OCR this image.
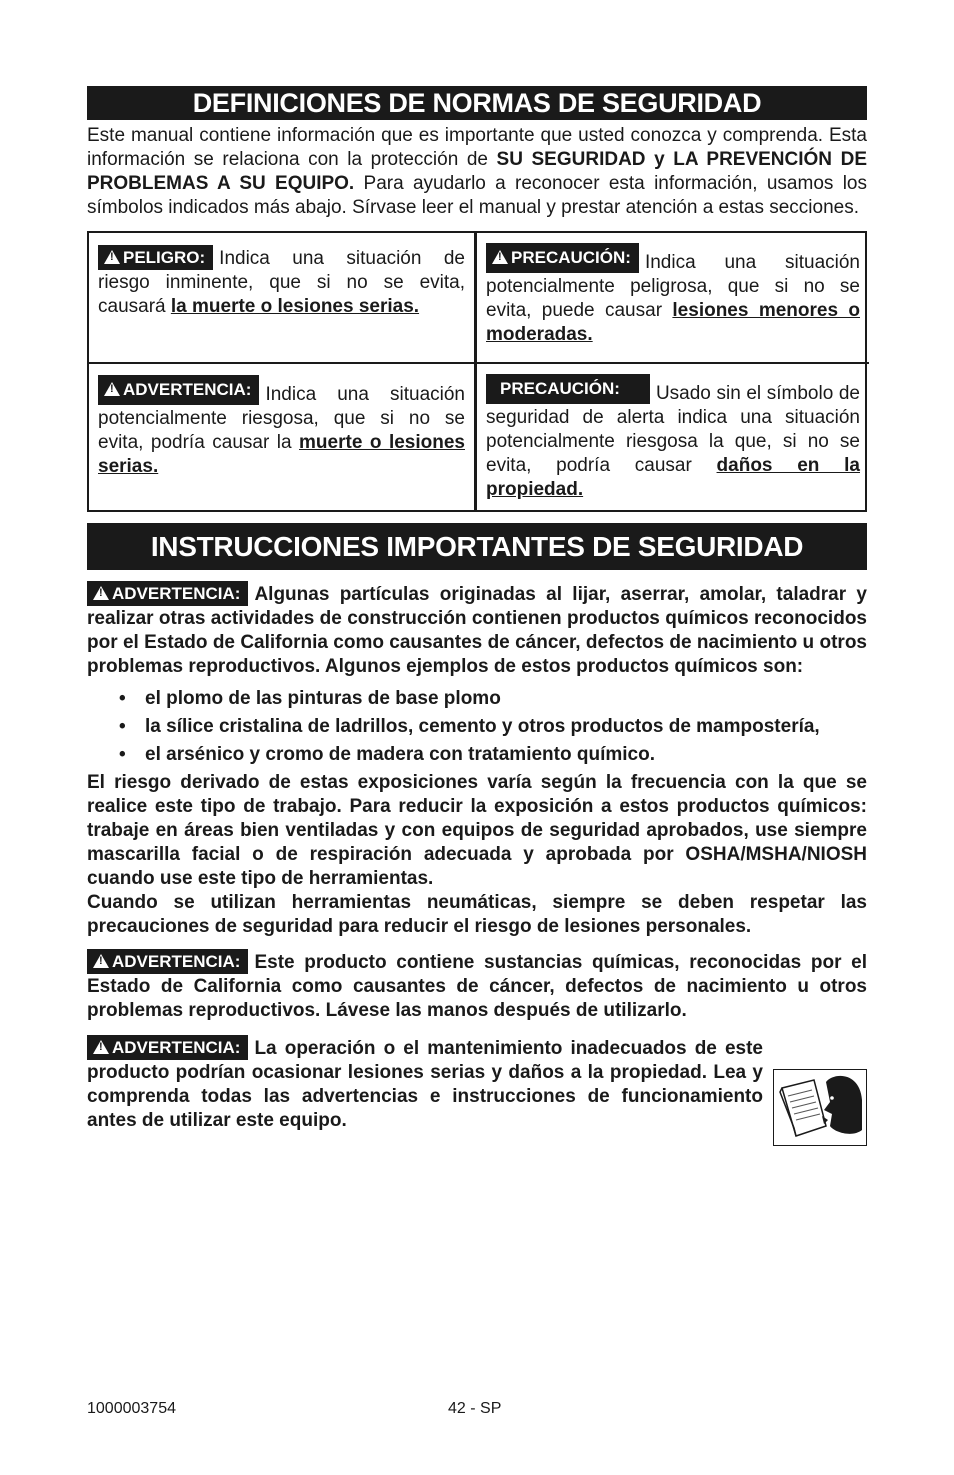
DEFINICIONES DE NORMAS DE SEGURIDAD

Este manual contiene información que es importante que usted conozca y comprenda. Esta información se relaciona con la protección de SU SEGURIDAD y LA PREVENCIÓN DE PROBLEMAS A SU EQUIPO. Para ayudarlo a reconocer esta información, usamos los símbolos indicados más abajo. Sírvase leer el manual y prestar atención a estas secciones.

!PELIGRO: Indica una situación de riesgo inminente, que si no se evita, causará la muerte o lesiones serias.
!PRECAUCIÓN: Indica una situación potencialmente peligrosa, que si no se evita, puede causar lesiones menores o moderadas.
!ADVERTENCIA: Indica una situación potencialmente riesgosa, que si no se evita, podría causar la muerte o lesiones serias.
PRECAUCIÓN: Usado sin el símbolo de seguridad de alerta indica una situación potencialmente riesgosa la que, si no se evita, podría causar daños en la propiedad.
INSTRUCCIONES IMPORTANTES DE SEGURIDAD

!ADVERTENCIA: Algunas partículas originadas al lijar, aserrar, amolar, taladrar y realizar otras actividades de construcción contienen productos químicos reconocidos por el Estado de California como causantes de cáncer, defectos de nacimiento u otros problemas reproductivos. Algunos ejemplos de estos productos químicos son:

• el plomo de las pinturas de base plomo
• la sílice cristalina de ladrillos, cemento y otros productos de mampostería,
• el arsénico y cromo de madera con tratamiento químico.

El riesgo derivado de estas exposiciones varía según la frecuencia con la que se realice este tipo de trabajo. Para reducir la exposición a estos productos químicos: trabaje en áreas bien ventiladas y con equipos de seguridad aprobados, use siempre mascarilla facial o de respiración adecuada y aprobada por OSHA/MSHA/NIOSH cuando use este tipo de herramientas.

Cuando se utilizan herramientas neumáticas, siempre se deben respetar las precauciones de seguridad para reducir el riesgo de lesiones personales.

!ADVERTENCIA: Este producto contiene sustancias químicas, reconocidas por el Estado de California como causantes de cáncer, defectos de nacimiento u otros problemas reproductivos. Lávese las manos después de utilizarlo.

!ADVERTENCIA: La operación o el mantenimiento inadecuados de este producto podrían ocasionar lesiones serias y daños a la propiedad. Lea y comprenda todas las advertencias e instrucciones de funcionamiento antes de utilizar este equipo.

1000003754	42 - SP
